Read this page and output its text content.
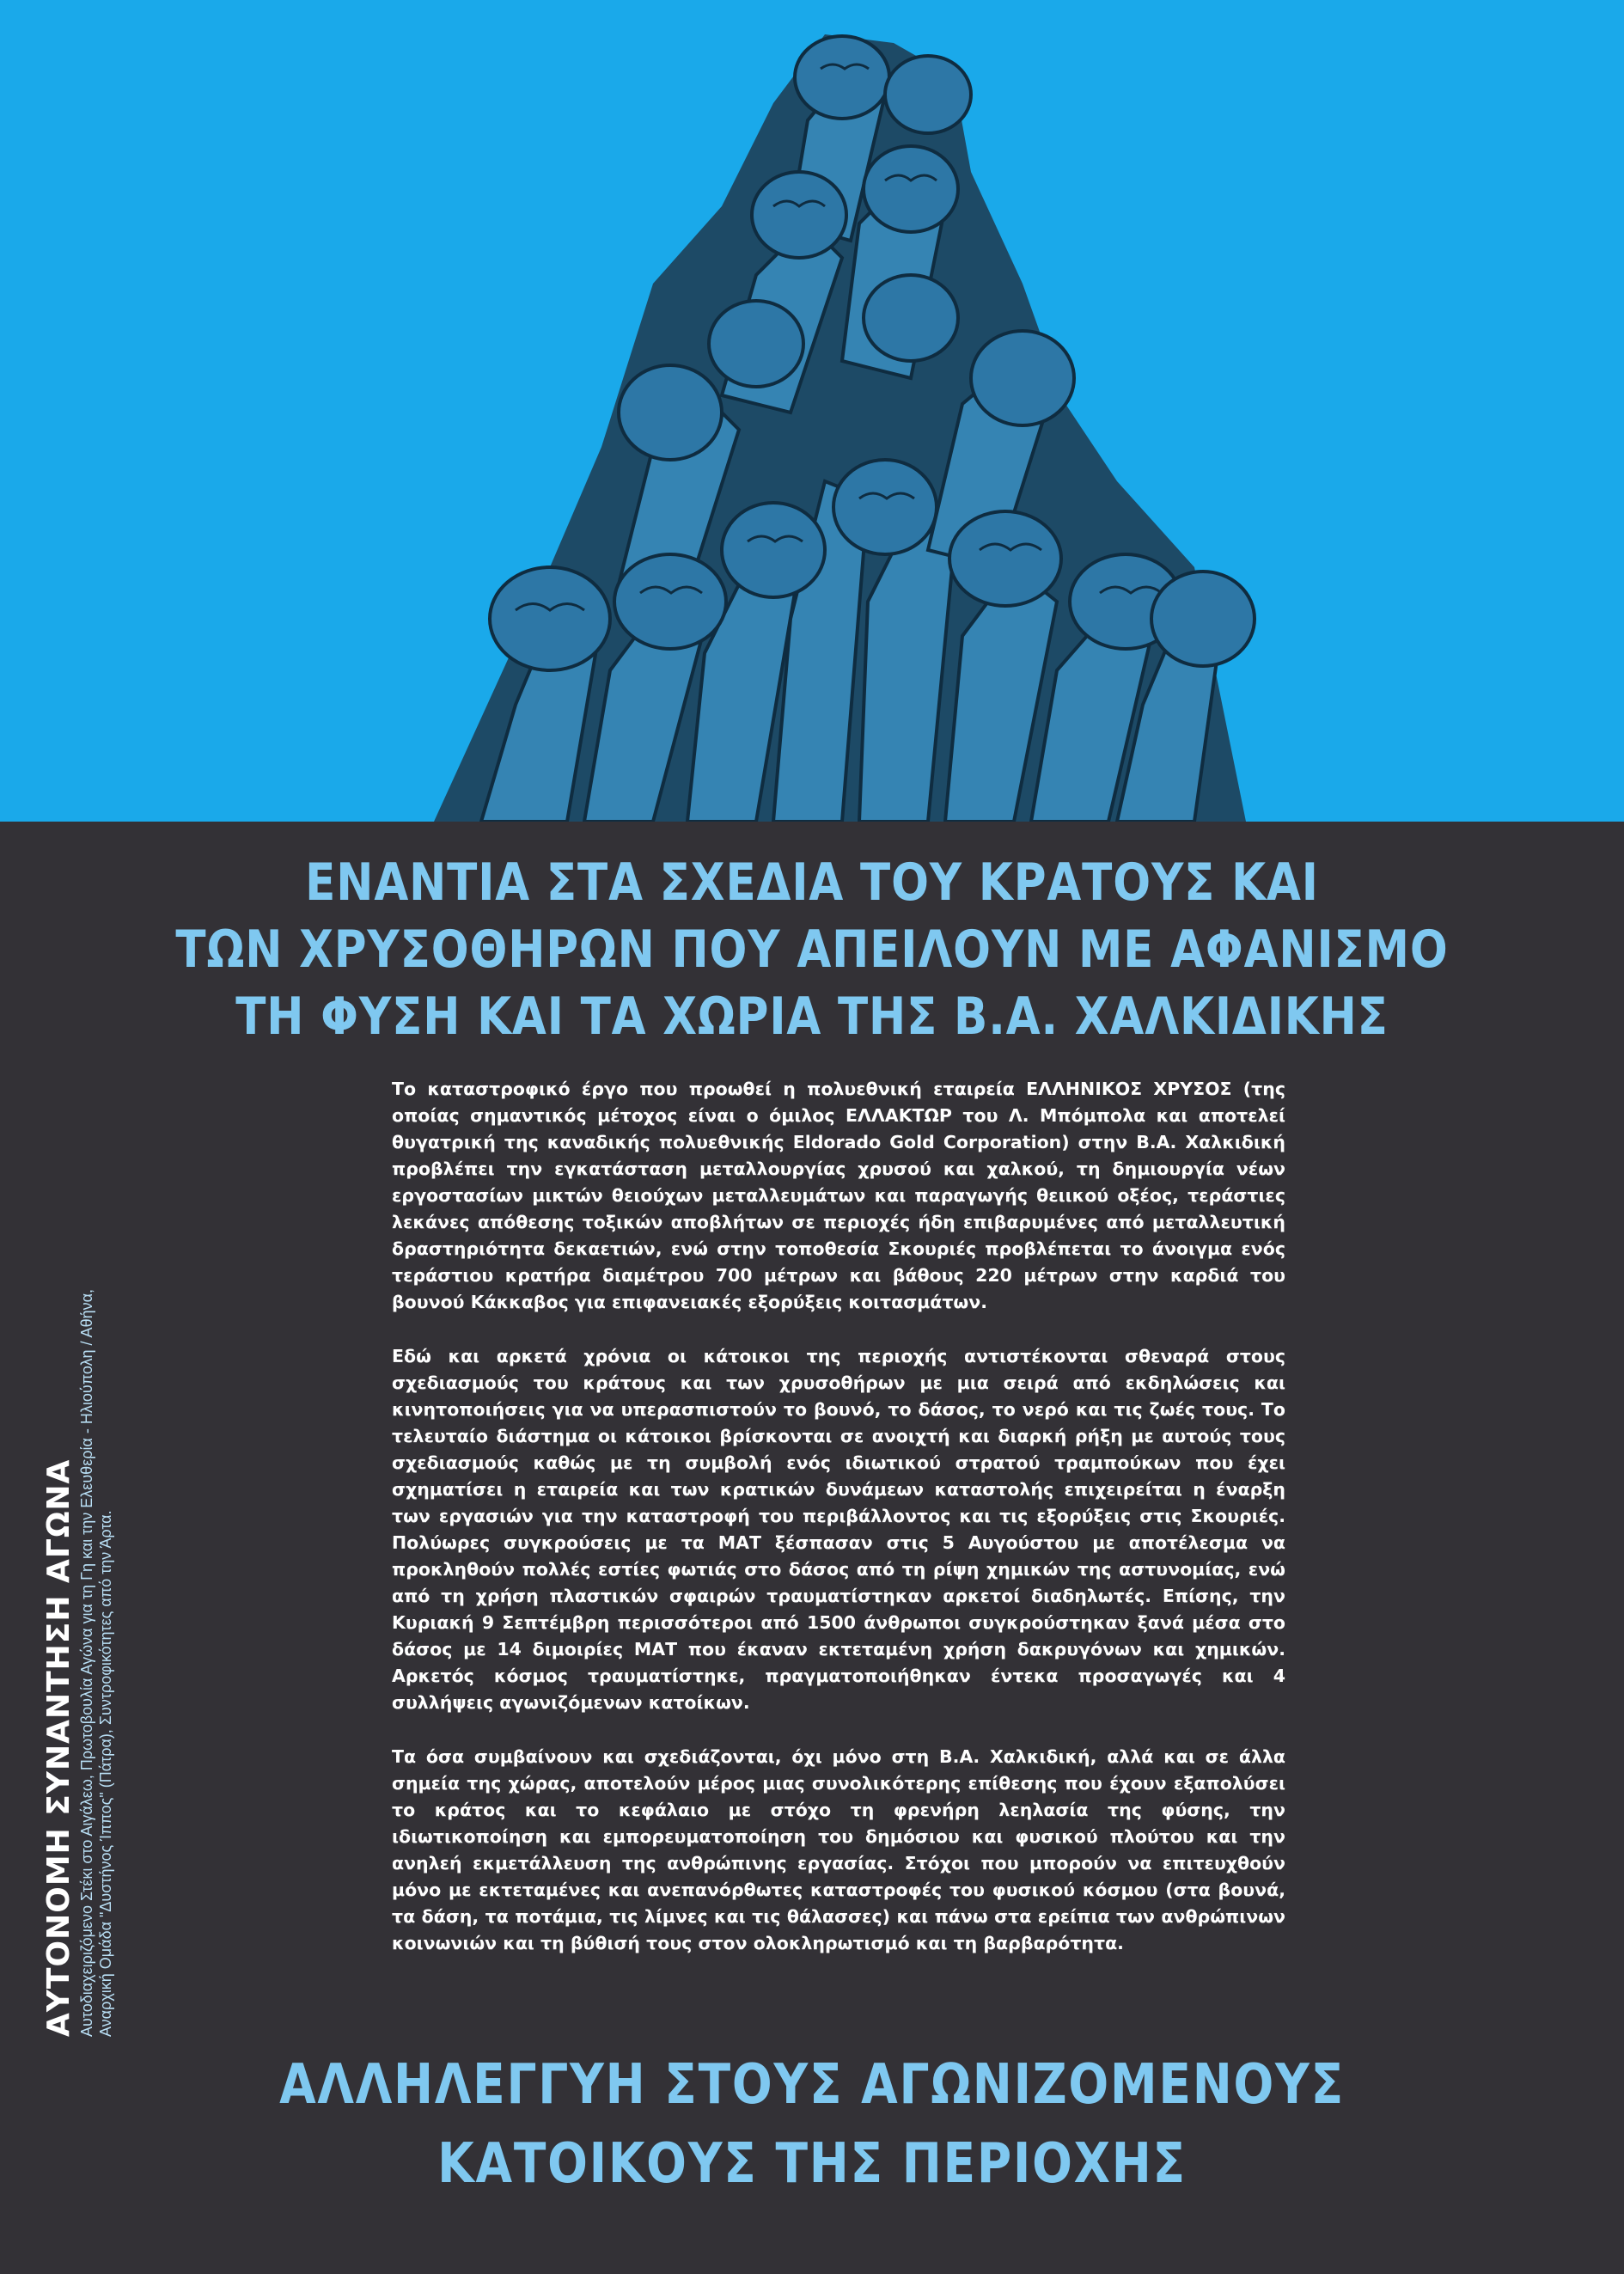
ΕΝΑΝΤΙΑ ΣΤΑ ΣΧΕΔΙΑ ΤΟΥ ΚΡΑΤΟΥΣ ΚΑΙ
ΤΩΝ ΧΡΥΣΟΘΗΡΩΝ ΠΟΥ ΑΠΕΙΛΟΥΝ ΜΕ ΑΦΑΝΙΣΜΟ
ΤΗ ΦΥΣΗ ΚΑΙ ΤΑ ΧΩΡΙΑ ΤΗΣ Β.Α. ΧΑΛΚΙΔΙΚΗΣ
ΑΥΤΟΝΟΜΗ ΣΥΝΑΝΤΗΣΗ ΑΓΩΝΑ Αυτοδιαχειριζόμενο Στέκι στο Αιγάλεω, Πρωτοβουλία Αγώνα για τη Γη και την Ελευθερία - Ηλιούπολη / Αθήνα, Αναρχική Ομάδα "Δυστήνος Ίππος" (Πάτρα), Συντροφικότητες από την Άρτα.

Το καταστροφικό έργο που προωθεί η πολυεθνική εταιρεία ΕΛΛΗΝΙΚΟΣ ΧΡΥΣΟΣ (της οποίας σημαντικός μέτοχος είναι ο όμιλος ΕΛΛΑΚΤΩΡ του Λ. Μπόμπολα και αποτελεί θυγατρική της καναδικής πολυεθνικής Eldorado Gold Corporation) στην Β.Α. Χαλκιδική προβλέπει την εγκατάσταση μεταλλουργίας χρυσού και χαλκού, τη δημιουργία νέων εργοστασίων μικτών θειούχων μεταλλευμάτων και παραγωγής θειικού οξέος, τεράστιες λεκάνες απόθεσης τοξικών αποβλήτων σε περιοχές ήδη επιβαρυμένες από μεταλλευτική δραστηριότητα δεκαετιών, ενώ στην τοποθεσία Σκουριές προβλέπεται το άνοιγμα ενός τεράστιου κρατήρα διαμέτρου 700 μέτρων και βάθους 220 μέτρων στην καρδιά του βουνού Κάκκαβος για επιφανειακές εξορύξεις κοιτασμάτων.

Εδώ και αρκετά χρόνια οι κάτοικοι της περιοχής αντιστέκονται σθεναρά στους σχεδιασμούς του κράτους και των χρυσοθήρων με μια σειρά από εκδηλώσεις και κινητοποιήσεις για να υπερασπιστούν το βουνό, το δάσος, το νερό και τις ζωές τους. Το τελευταίο διάστημα οι κάτοικοι βρίσκονται σε ανοιχτή και διαρκή ρήξη με αυτούς τους σχεδιασμούς καθώς με τη συμβολή ενός ιδιωτικού στρατού τραμπούκων που έχει σχηματίσει η εταιρεία και των κρατικών δυνάμεων καταστολής επιχειρείται η έναρξη των εργασιών για την καταστροφή του περιβάλλοντος και τις εξορύξεις στις Σκουριές. Πολύωρες συγκρούσεις με τα ΜΑΤ ξέσπασαν στις 5 Αυγούστου με αποτέλεσμα να προκληθούν πολλές εστίες φωτιάς στο δάσος από τη ρίψη χημικών της αστυνομίας, ενώ από τη χρήση πλαστικών σφαιρών τραυματίστηκαν αρκετοί διαδηλωτές. Επίσης, την Κυριακή 9 Σεπτέμβρη περισσότεροι από 1500 άνθρωποι συγκρούστηκαν ξανά μέσα στο δάσος με 14 διμοιρίες ΜΑΤ που έκαναν εκτεταμένη χρήση δακρυγόνων και χημικών. Αρκετός κόσμος τραυματίστηκε, πραγματοποιήθηκαν έντεκα προσαγωγές και 4 συλλήψεις αγωνιζόμενων κατοίκων.

Τα όσα συμβαίνουν και σχεδιάζονται, όχι μόνο στη Β.Α. Χαλκιδική, αλλά και σε άλλα σημεία της χώρας, αποτελούν μέρος μιας συνολικότερης επίθεσης που έχουν εξαπολύσει το κράτος και το κεφάλαιο με στόχο τη φρενήρη λεηλασία της φύσης, την ιδιωτικοποίηση και εμπορευματοποίηση του δημόσιου και φυσικού πλούτου και την ανηλεή εκμετάλλευση της ανθρώπινης εργασίας. Στόχοι που μπορούν να επιτευχθούν μόνο με εκτεταμένες και ανεπανόρθωτες καταστροφές του φυσικού κόσμου (στα βουνά, τα δάση, τα ποτάμια, τις λίμνες και τις θάλασσες) και πάνω στα ερείπια των ανθρώπινων κοινωνιών και τη βύθισή τους στον ολοκληρωτισμό και τη βαρβαρότητα.

ΑΛΛΗΛΕΓΓΥΗ ΣΤΟΥΣ ΑΓΩΝΙΖΟΜΕΝΟΥΣ
ΚΑΤΟΙΚΟΥΣ ΤΗΣ ΠΕΡΙΟΧΗΣ
